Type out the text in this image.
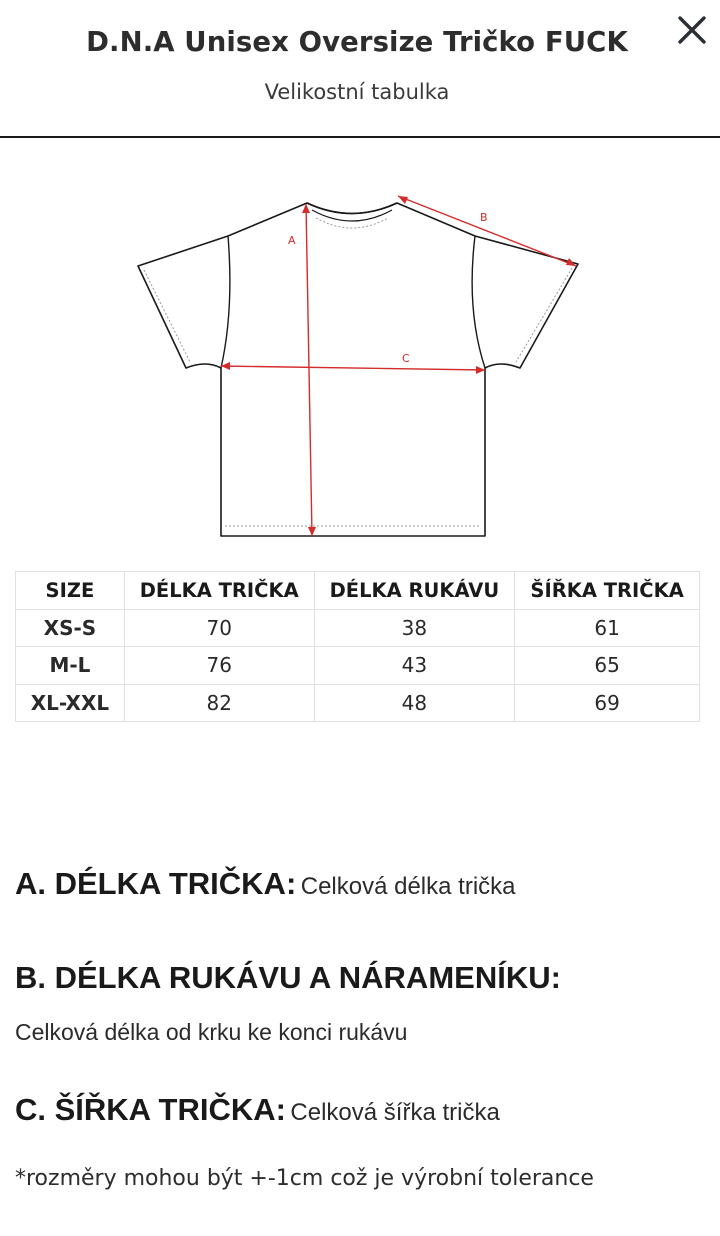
D.N.A Unisex Oversize Tričko FUCK
Velikostní tabulka
A
B
C
SIZE	DÉLKA TRIČKA	DÉLKA RUKÁVU	ŠÍŘKA TRIČKA
XS-S	70	38	61
M-L	76	43	65
XL-XXL	82	48	69
A. DÉLKA TRIČKA: Celková délka trička
B. DÉLKA RUKÁVU A NÁRAMENÍKU:
Celková délka od krku ke konci rukávu
C. ŠÍŘKA TRIČKA: Celková šířka trička
*rozměry mohou být +-1cm což je výrobní tolerance
